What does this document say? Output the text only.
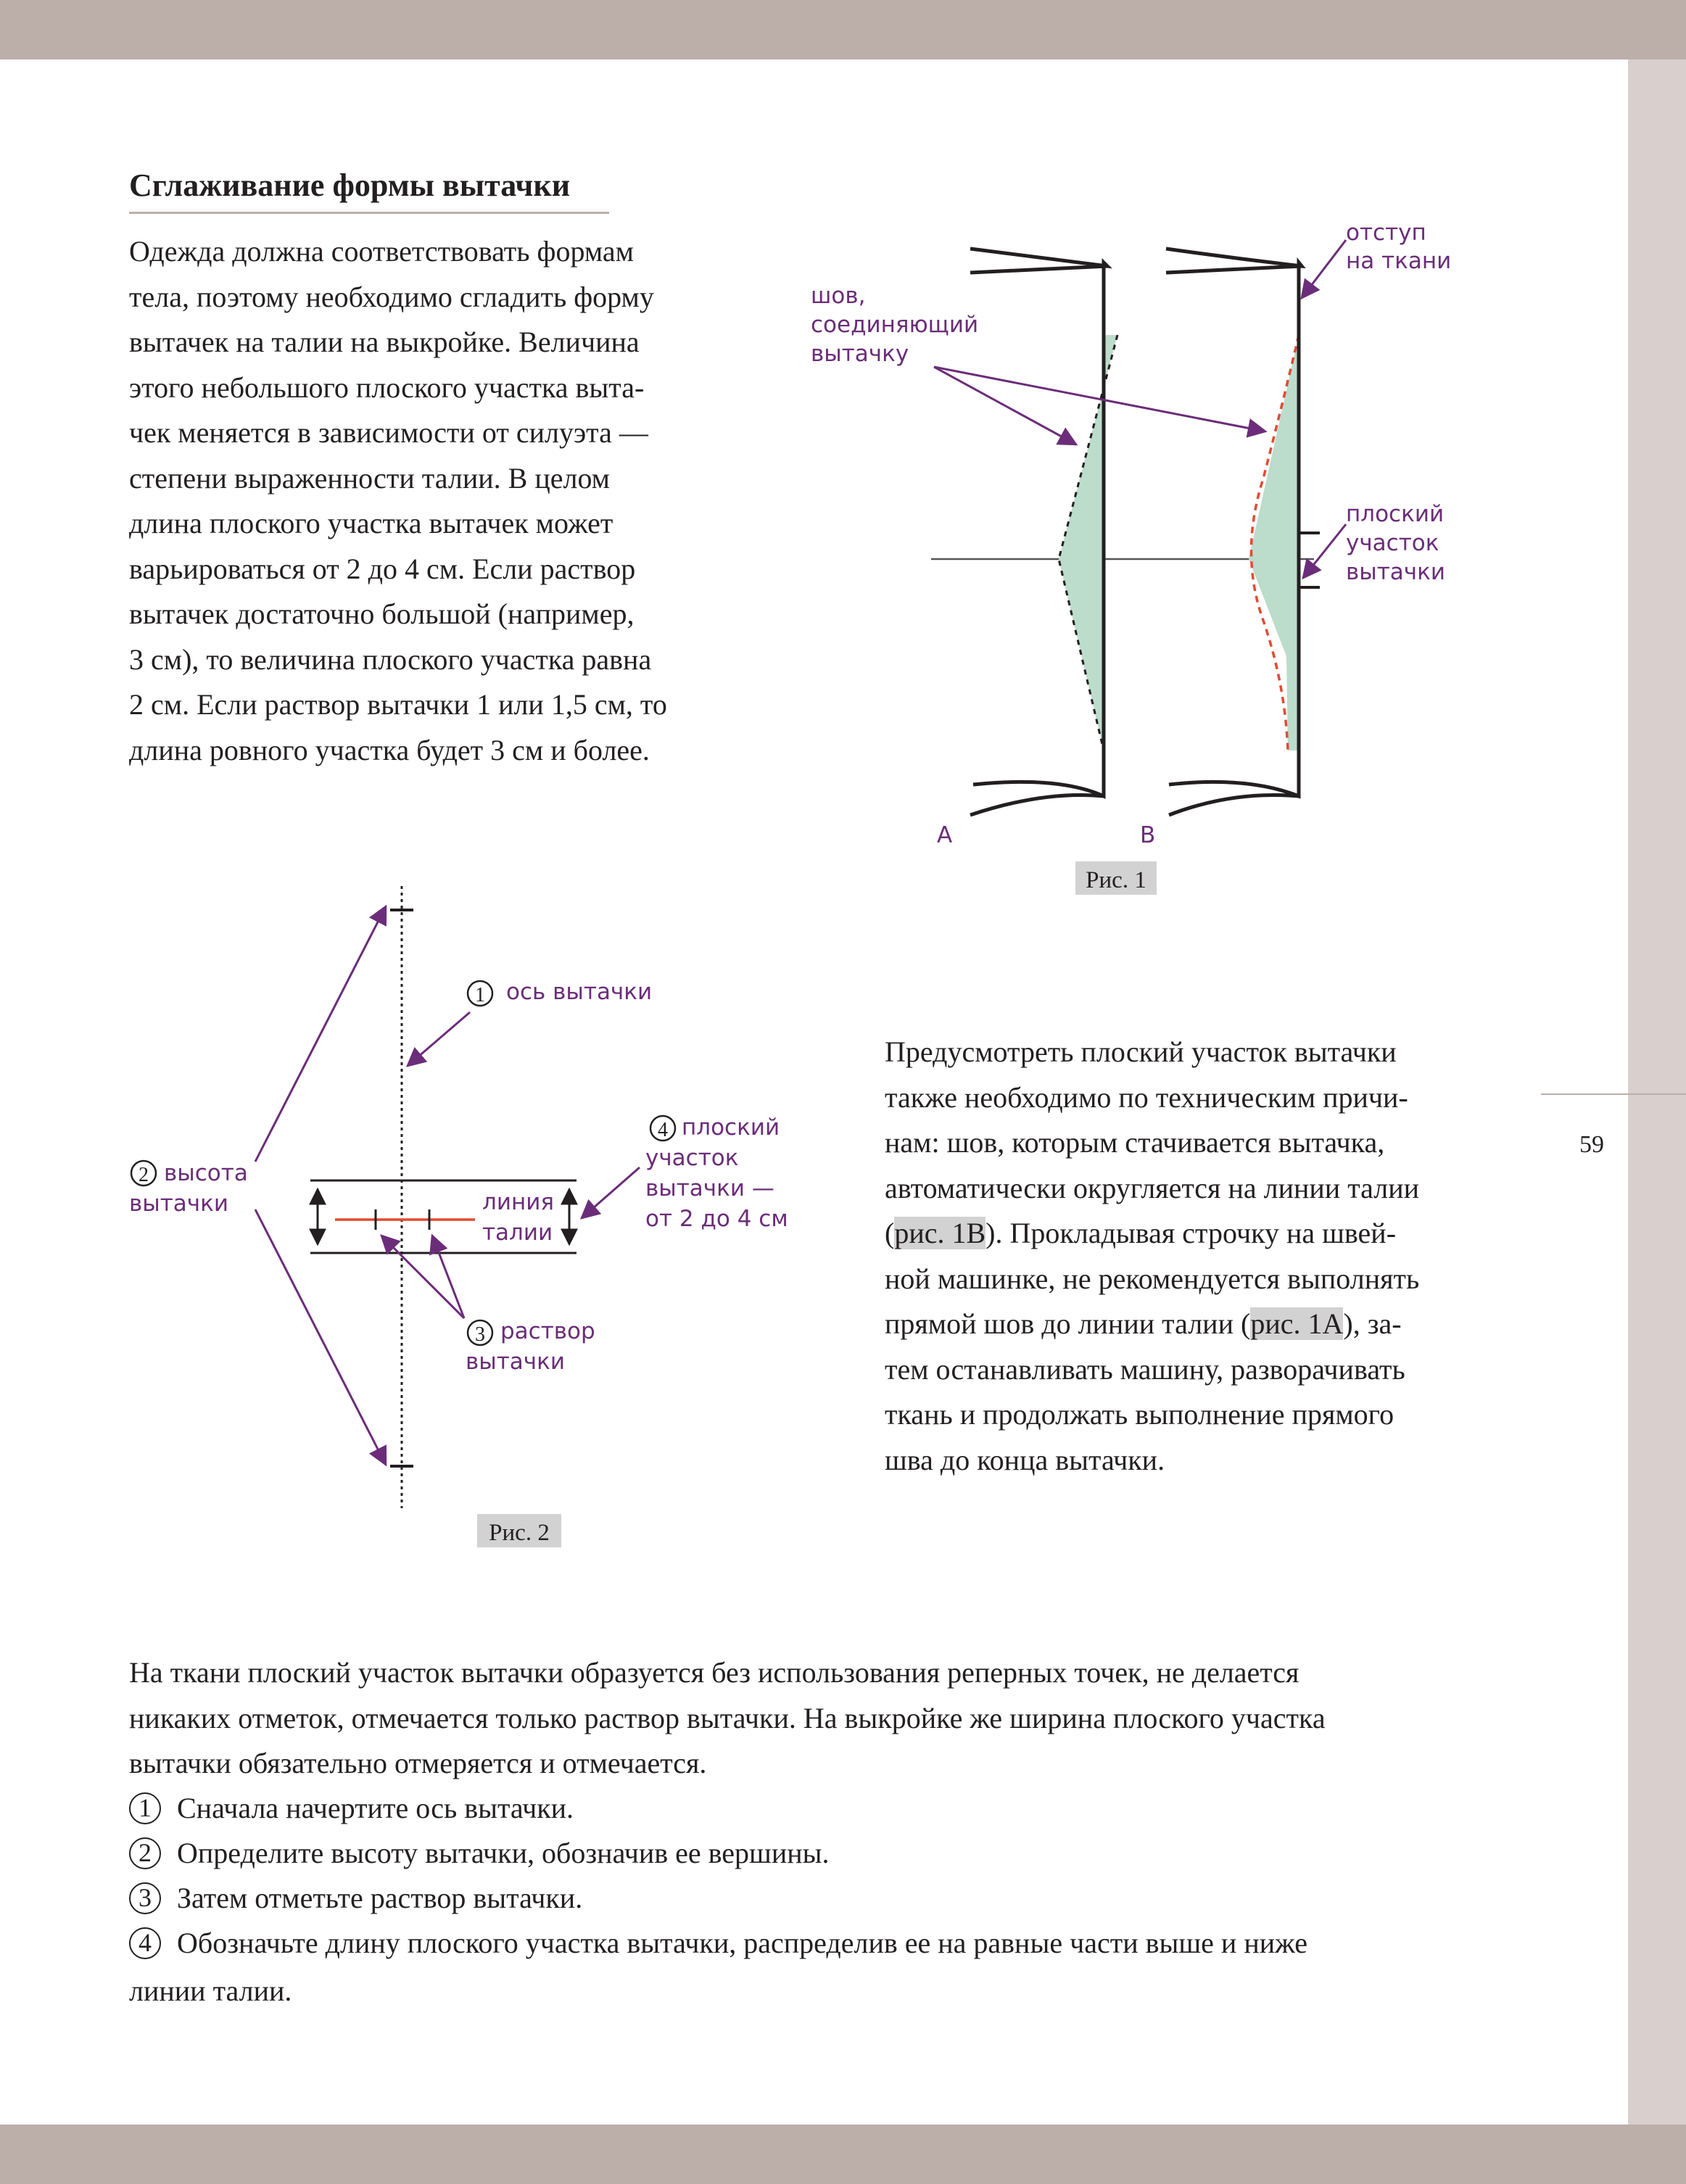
59
Сглаживание формы вытачки
Одежда должна соответствовать формам
тела, поэтому необходимо сгладить форму
вытачек на талии на выкройке. Величина
этого небольшого плоского участка выта-
чек меняется в зависимости от силуэта —
степени выраженности талии. В целом
длина плоского участка вытачек может
варьироваться от 2 до 4 см. Если раствор
вытачек достаточно большой (например,
3 см), то величина плоского участка равна
2 см. Если раствор вытачки 1 или 1,5 см, то
длина ровного участка будет 3 см и более.
шов, соединяющий вытачку
отступ на ткани
плоский участок вытачки
А	В
Рис. 1
1 ось вытачки
2 высота вытачки
3 раствор вытачки
линия талии
4 плоский участок вытачки — от 2 до 4 см
Рис. 2
Предусмотреть плоский участок вытачки
также необходимо по техническим причи-
нам: шов, которым стачивается вытачка,
автоматически округляется на линии талии
(рис. 1В). Прокладывая строчку на швей-
ной машинке, не рекомендуется выполнять
прямой шов до линии талии (рис. 1А), за-
тем останавливать машину, разворачивать
ткань и продолжать выполнение прямого
шва до конца вытачки.
На ткани плоский участок вытачки образуется без использования реперных точек, не делается
никаких отметок, отмечается только раствор вытачки. На выкройке же ширина плоского участка
вытачки обязательно отмеряется и отмечается.
1 Сначала начертите ось вытачки.
2 Определите высоту вытачки, обозначив ее вершины.
3 Затем отметьте раствор вытачки.
4 Обозначьте длину плоского участка вытачки, распределив ее на равные части выше и ниже
линии талии.
